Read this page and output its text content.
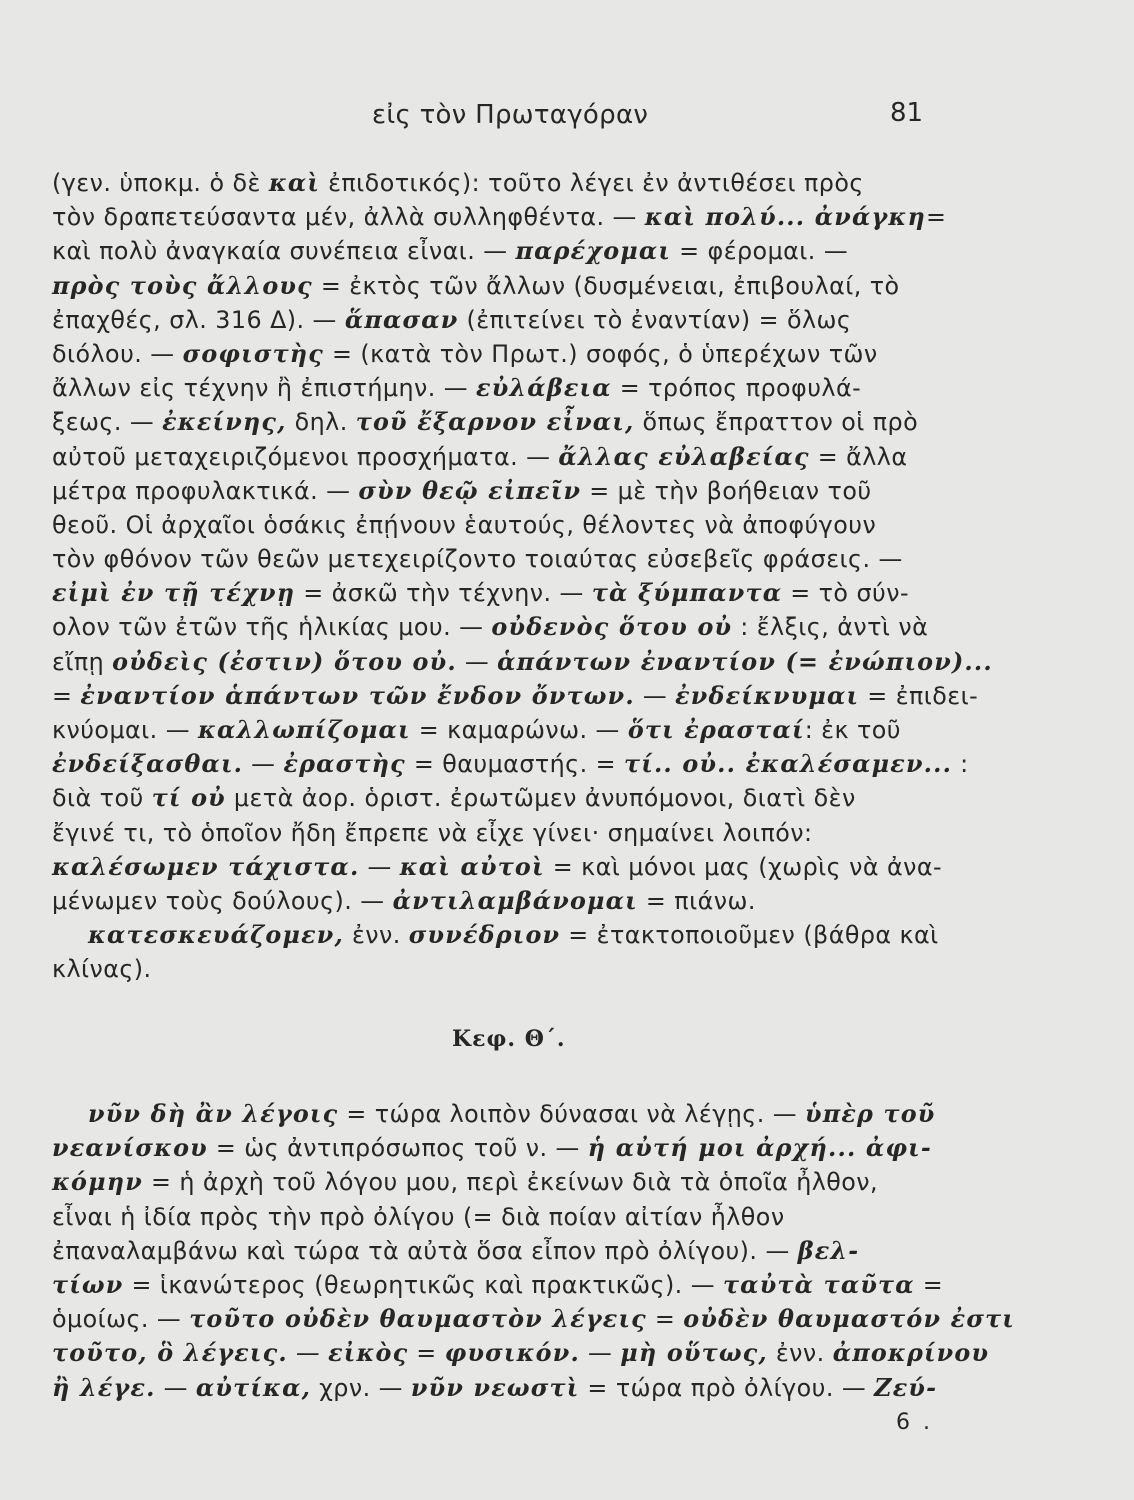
εἰς τὸν Πρωταγόραν	81
(γεν. ὑποκμ. ὁ δὲ καὶ ἐπιδοτικός): τοῦτο λέγει ἐν ἀντιθέσει πρὸς
τὸν δραπετεύσαντα μέν, ἀλλὰ συλληφθέντα. — καὶ πολύ... ἀνάγκη=
καὶ πολὺ ἀναγκαία συνέπεια εἶναι. — παρέχομαι = φέρομαι. —
πρὸς τοὺς ἄλλους = ἐκτὸς τῶν ἄλλων (δυσμένειαι, ἐπιβουλαί, τὸ
ἐπαχθές, σλ. 316 Δ). — ἅπασαν (ἐπιτείνει τὸ ἐναντίαν) = ὅλως
διόλου. — σοφιστὴς = (κατὰ τὸν Πρωτ.) σοφός, ὁ ὑπερέχων τῶν
ἄλλων εἰς τέχνην ἢ ἐπιστήμην. — εὐλάβεια = τρόπος προφυλά-
ξεως. — ἐκείνης, δηλ. τοῦ ἔξαρνον εἶναι, ὅπως ἔπραττον οἱ πρὸ
αὐτοῦ μεταχειριζόμενοι προσχήματα. — ἄλλας εὐλαβείας = ἄλλα
μέτρα προφυλακτικά. — σὺν θεῷ εἰπεῖν = μὲ τὴν βοήθειαν τοῦ
θεοῦ. Οἱ ἀρχαῖοι ὁσάκις ἐπῄνουν ἑαυτούς, θέλοντες νὰ ἀποφύγουν
τὸν φθόνον τῶν θεῶν μετεχειρίζοντο τοιαύτας εὐσεβεῖς φράσεις. —
εἰμὶ ἐν τῇ τέχνῃ = ἀσκῶ τὴν τέχνην. — τὰ ξύμπαντα = τὸ σύν-
ολον τῶν ἐτῶν τῆς ἡλικίας μου. — οὐδενὸς ὅτου οὐ : ἔλξις, ἀντὶ νὰ
εἴπῃ οὐδεὶς (ἐστιν) ὅτου οὐ. — ἁπάντων ἐναντίον (= ἐνώπιον)...
= ἐναντίον ἁπάντων τῶν ἔνδον ὄντων. — ἐνδείκνυμαι = ἐπιδει-
κνύομαι. — καλλωπίζομαι = καμαρώνω. — ὅτι ἐρασταί: ἐκ τοῦ
ἐνδείξασθαι. — ἐραστὴς = θαυμαστής. = τί.. οὐ.. ἐκαλέσαμεν... :
διὰ τοῦ τί οὐ μετὰ ἀορ. ὁριστ. ἐρωτῶμεν ἀνυπόμονοι, διατὶ δὲν
ἔγινέ τι, τὸ ὁποῖον ἤδη ἔπρεπε νὰ εἶχε γίνει· σημαίνει λοιπόν:
καλέσωμεν τάχιστα. — καὶ αὐτοὶ = καὶ μόνοι μας (χωρὶς νὰ ἀνα-
μένωμεν τοὺς δούλους). — ἀντιλαμβάνομαι = πιάνω.
κατεσκευάζομεν, ἐνν. συνέδριον = ἐτακτοποιοῦμεν (βάθρα καὶ
κλίνας).
Κεφ. Θ΄.
νῦν δὴ ἂν λέγοις = τώρα λοιπὸν δύνασαι νὰ λέγῃς. — ὑπὲρ τοῦ
νεανίσκου = ὡς ἀντιπρόσωπος τοῦ ν. — ἡ αὐτή μοι ἀρχή... ἀφι-
κόμην = ἡ ἀρχὴ τοῦ λόγου μου, περὶ ἐκείνων διὰ τὰ ὁποῖα ἦλθον,
εἶναι ἡ ἰδία πρὸς τὴν πρὸ ὀλίγου (= διὰ ποίαν αἰτίαν ἦλθον
ἐπαναλαμβάνω καὶ τώρα τὰ αὐτὰ ὅσα εἶπον πρὸ ὀλίγου). — βελ-
τίων = ἱκανώτερος (θεωρητικῶς καὶ πρακτικῶς). — ταὐτὰ ταῦτα =
ὁμοίως. — τοῦτο οὐδὲν θαυμαστὸν λέγεις = οὐδὲν θαυμαστόν ἐστι
τοῦτο, ὃ λέγεις. — εἰκὸς = φυσικόν. — μὴ οὕτως, ἐνν. ἀποκρίνου
ἢ λέγε. — αὐτίκα, χρν. — νῦν νεωστὶ = τώρα πρὸ ὀλίγου. — Ζεύ-
6 .
